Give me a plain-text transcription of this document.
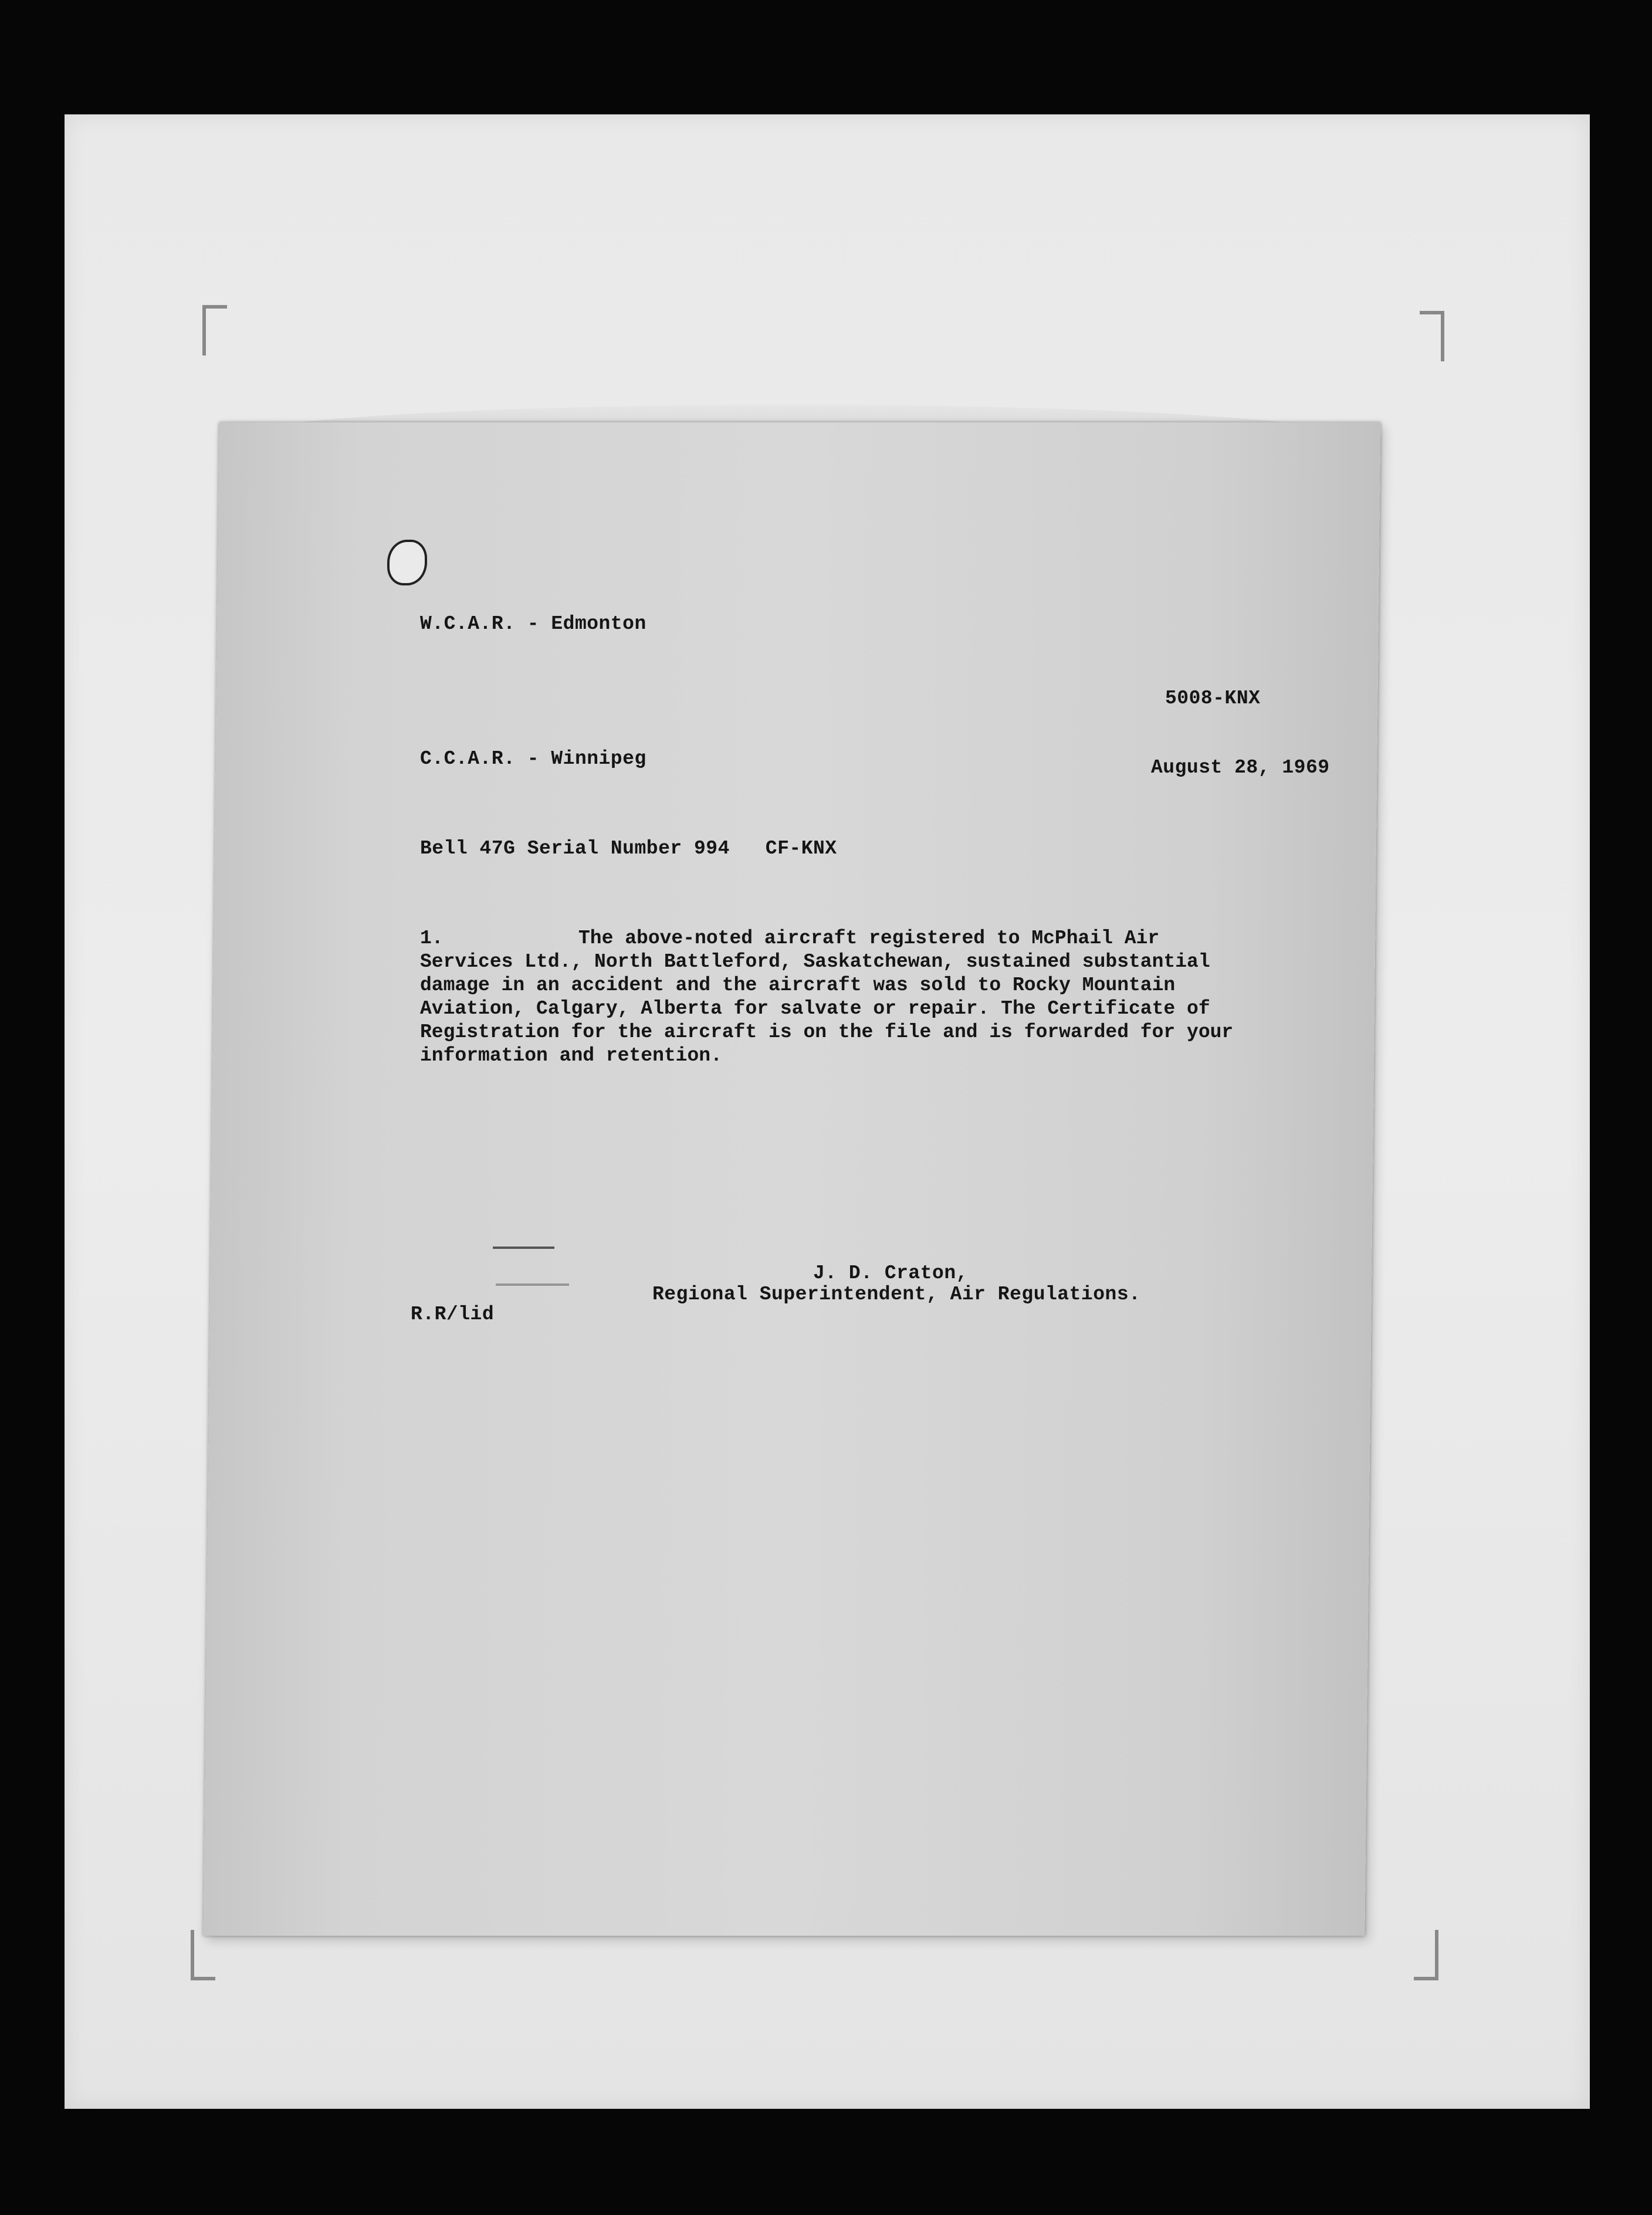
W.C.A.R. - Edmonton
5008-KNX
C.C.A.R. - Winnipeg	August 28, 1969
Bell 47G Serial Number 994   CF-KNX
1.	The above-noted aircraft registered to McPhail Air Services Ltd., North Battleford, Saskatchewan, sustained substantial damage in an accident and the aircraft was sold to Rocky Mountain Aviation, Calgary, Alberta for salvate or repair. The Certificate of Registration for the aircraft is on the file and is forwarded for your information and retention.
J. D. Craton,
Regional Superintendent, Air Regulations.
R.R/lid
